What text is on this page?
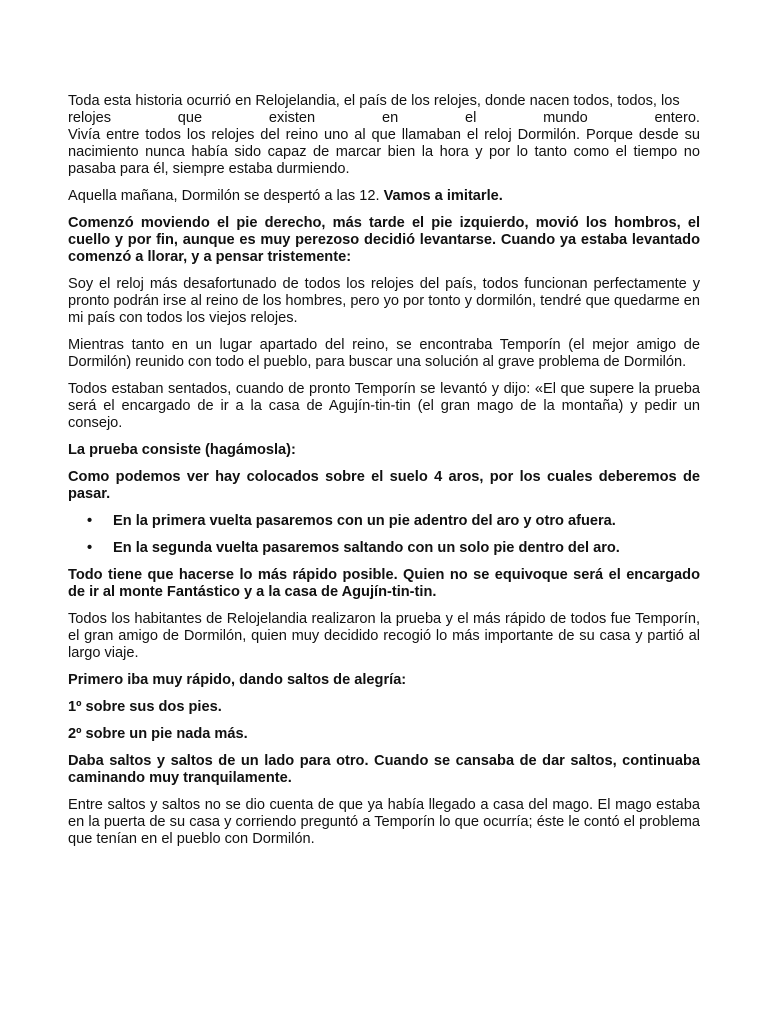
Toda esta historia ocurrió en Relojelandia, el país de los relojes, donde nacen todos, todos, los
relojes que existen en el mundo entero.
Vivía entre todos los relojes del reino uno al que llamaban el reloj Dormilón. Porque desde su nacimiento nunca había sido capaz de marcar bien la hora y por lo tanto como el tiempo no pasaba para él, siempre estaba durmiendo.

Aquella mañana, Dormilón se despertó a las 12. Vamos a imitarle.

Comenzó moviendo el pie derecho, más tarde el pie izquierdo, movió los hombros, el cuello y por fin, aunque es muy perezoso decidió levantarse. Cuando ya estaba levantado comenzó a llorar, y a pensar tristemente:

Soy el reloj más desafortunado de todos los relojes del país, todos funcionan perfectamente y pronto podrán irse al reino de los hombres, pero yo por tonto y dormilón, tendré que quedarme en mi país con todos los viejos relojes.

Mientras tanto en un lugar apartado del reino, se encontraba Temporín (el mejor amigo de Dormilón) reunido con todo el pueblo, para buscar una solución al grave problema de Dormilón.

Todos estaban sentados, cuando de pronto Temporín se levantó y dijo: «El que supere la prueba será el encargado de ir a la casa de Agujín-tin-tin (el gran mago de la montaña) y pedir un consejo.

La prueba consiste (hagámosla):

Como podemos ver hay colocados sobre el suelo 4 aros, por los cuales deberemos de pasar.

• En la primera vuelta pasaremos con un pie adentro del aro y otro afuera.
• En la segunda vuelta pasaremos saltando con un solo pie dentro del aro.

Todo tiene que hacerse lo más rápido posible. Quien no se equivoque será el encargado de ir al monte Fantástico y a la casa de Agujín-tin-tin.

Todos los habitantes de Relojelandia realizaron la prueba y el más rápido de todos fue Temporín, el gran amigo de Dormilón, quien muy decidido recogió lo más importante de su casa y partió al largo viaje.

Primero iba muy rápido, dando saltos de alegría:

1º sobre sus dos pies.

2º sobre un pie nada más.

Daba saltos y saltos de un lado para otro. Cuando se cansaba de dar saltos, continuaba caminando muy tranquilamente.

Entre saltos y saltos no se dio cuenta de que ya había llegado a casa del mago. El mago estaba en la puerta de su casa y corriendo preguntó a Temporín lo que ocurría; éste le contó el problema que tenían en el pueblo con Dormilón.
